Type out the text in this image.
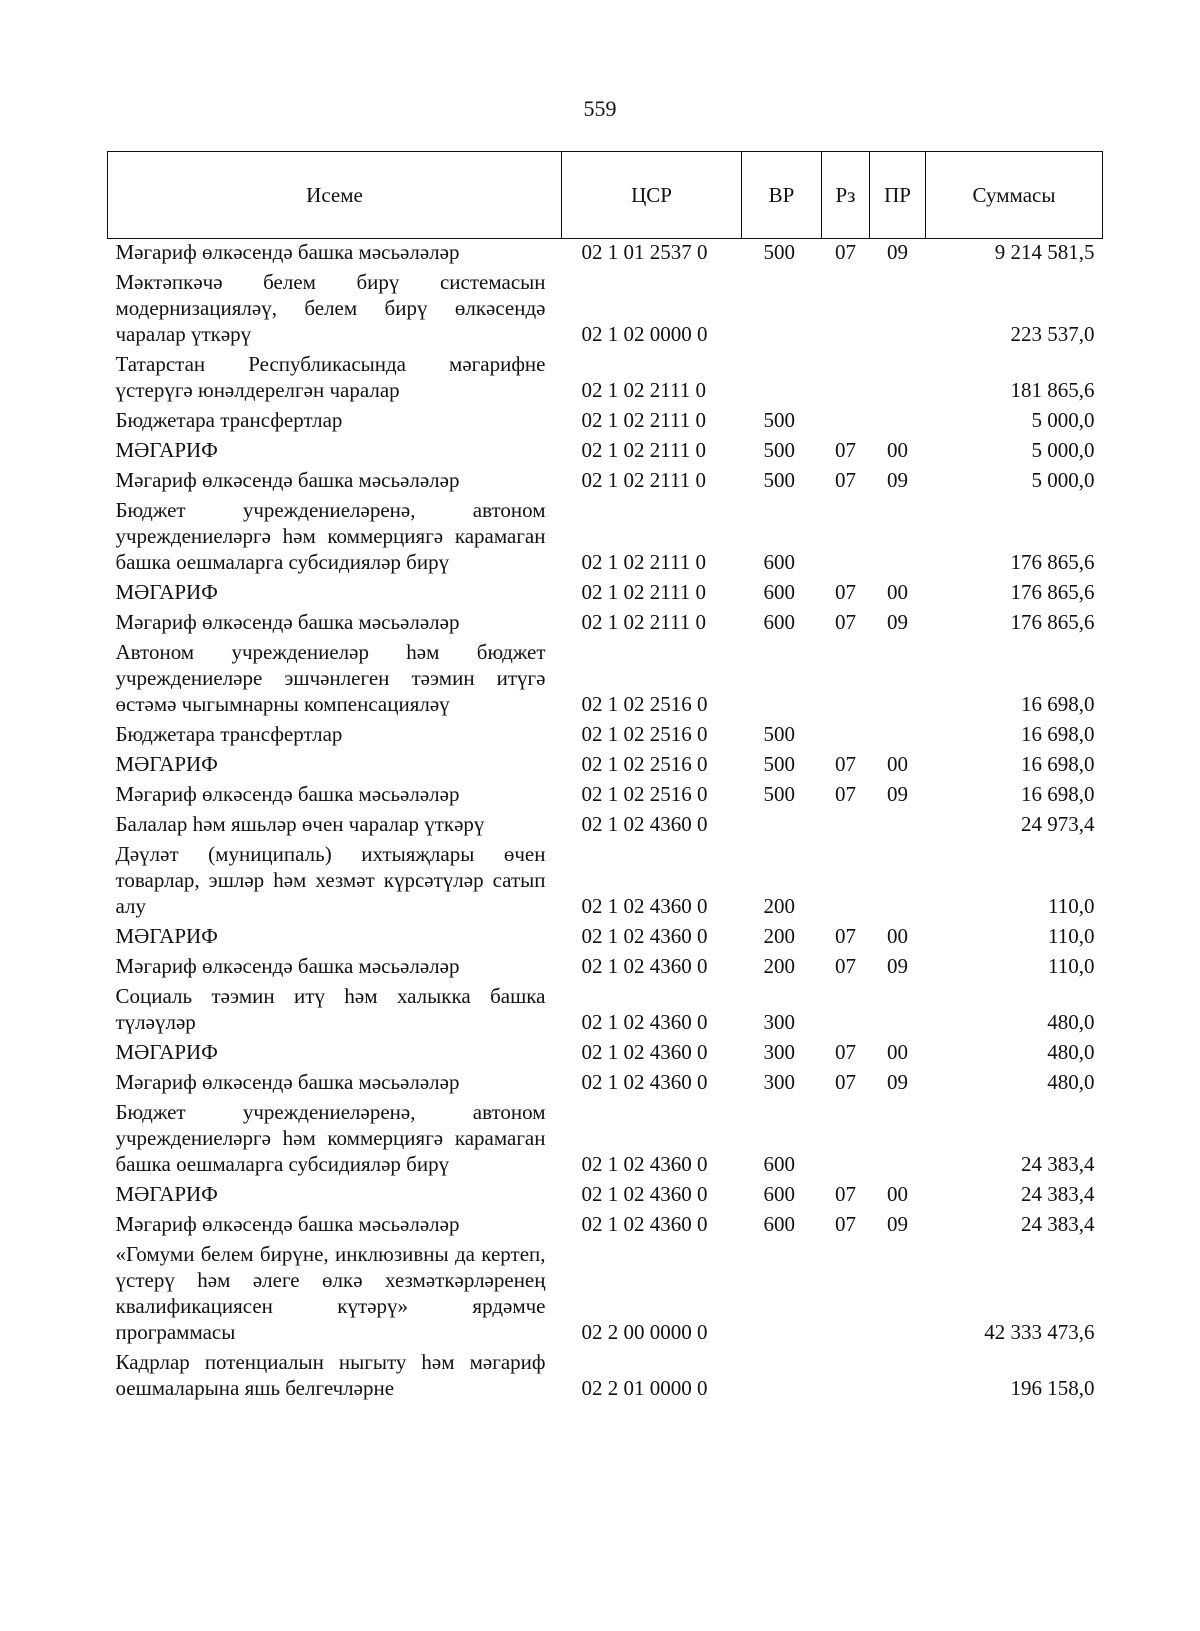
559
Исеме	ЦСР	ВР	Рз	ПР	Суммасы
Мәгариф өлкәсендә башка мәсьәләләр	02 1 01 2537 0	500	07	09	9 214 581,5
Мәктәпкәчә белем бирү системасын модернизацияләү, белем бирү өлкәсендә чаралар үткәрү	02 1 02 0000 0				223 537,0
Татарстан Республикасында мәгарифне үстерүгә юнәлдерелгән чаралар	02 1 02 2111 0				181 865,6
Бюджетара трансфертлар	02 1 02 2111 0	500			5 000,0
МӘГАРИФ	02 1 02 2111 0	500	07	00	5 000,0
Мәгариф өлкәсендә башка мәсьәләләр	02 1 02 2111 0	500	07	09	5 000,0
Бюджет учреждениеләренә, автоном учреждениеләргә һәм коммерциягә карамаган башка оешмаларга субсидияләр бирү	02 1 02 2111 0	600			176 865,6
МӘГАРИФ	02 1 02 2111 0	600	07	00	176 865,6
Мәгариф өлкәсендә башка мәсьәләләр	02 1 02 2111 0	600	07	09	176 865,6
Автоном учреждениеләр һәм бюджет учреждениеләре эшчәнлеген тәэмин итүгә өстәмә чыгымнарны компенсацияләү	02 1 02 2516 0				16 698,0
Бюджетара трансфертлар	02 1 02 2516 0	500			16 698,0
МӘГАРИФ	02 1 02 2516 0	500	07	00	16 698,0
Мәгариф өлкәсендә башка мәсьәләләр	02 1 02 2516 0	500	07	09	16 698,0
Балалар һәм яшьләр өчен чаралар үткәрү	02 1 02 4360 0				24 973,4
Дәүләт (муниципаль) ихтыяҗлары өчен товарлар, эшләр һәм хезмәт күрсәтүләр сатып алу	02 1 02 4360 0	200			110,0
МӘГАРИФ	02 1 02 4360 0	200	07	00	110,0
Мәгариф өлкәсендә башка мәсьәләләр	02 1 02 4360 0	200	07	09	110,0
Социаль тәэмин итү һәм халыкка башка түләүләр	02 1 02 4360 0	300			480,0
МӘГАРИФ	02 1 02 4360 0	300	07	00	480,0
Мәгариф өлкәсендә башка мәсьәләләр	02 1 02 4360 0	300	07	09	480,0
Бюджет учреждениеләренә, автоном учреждениеләргә һәм коммерциягә карамаган башка оешмаларга субсидияләр бирү	02 1 02 4360 0	600			24 383,4
МӘГАРИФ	02 1 02 4360 0	600	07	00	24 383,4
Мәгариф өлкәсендә башка мәсьәләләр	02 1 02 4360 0	600	07	09	24 383,4
«Гомуми белем бирүне, инклюзивны да кертеп, үстерү һәм әлеге өлкә хезмәткәрләренең квалификациясен күтәрү» ярдәмче программасы	02 2 00 0000 0				42 333 473,6
Кадрлар потенциалын ныгыту һәм мәгариф оешмаларына яшь белгечләрне	02 2 01 0000 0				196 158,0
